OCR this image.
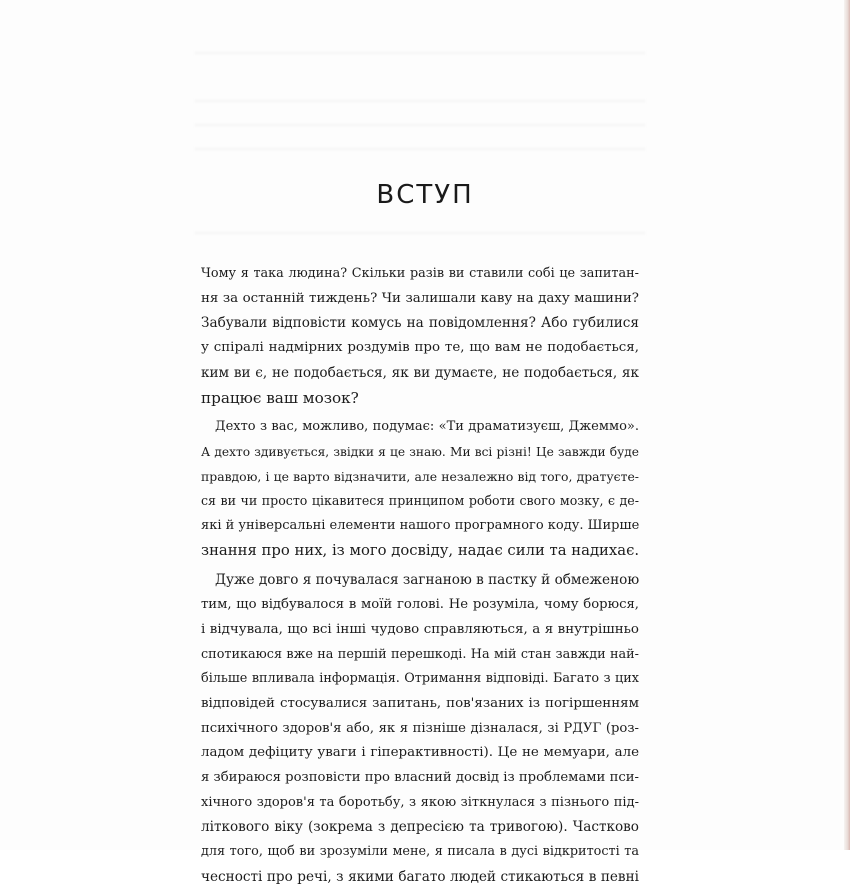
ВСТУП
Чому я така людина? Скільки разів ви ставили собі це запитан-
ня за останній тиждень? Чи залишали каву на даху машини?
Забували відповісти комусь на повідомлення? Або губилися
у спіралі надмірних роздумів про те, що вам не подобається,
ким ви є, не подобається, як ви думаєте, не подобається, як
працює ваш мозок?
Дехто з вас, можливо, подумає: «Ти драматизуєш, Джеммо».
А дехто здивується, звідки я це знаю. Ми всі різні! Це завжди буде
правдою, і це варто відзначити, але незалежно від того, дратуєте-
ся ви чи просто цікавитеся принципом роботи свого мозку, є де-
які й універсальні елементи нашого програмного коду. Ширше
знання про них, із мого досвіду, надає сили та надихає.
Дуже довго я почувалася загнаною в пастку й обмеженою
тим, що відбувалося в моїй голові. Не розуміла, чому борюся,
і відчувала, що всі інші чудово справляються, а я внутрішньо
спотикаюся вже на першій перешкоді. На мій стан завжди най-
більше впливала інформація. Отримання відповіді. Багато з цих
відповідей стосувалися запитань, пов'язаних із погіршенням
психічного здоров'я або, як я пізніше дізналася, зі РДУГ (роз-
ладом дефіциту уваги і гіперактивності). Це не мемуари, але
я збираюся розповісти про власний досвід із проблемами пси-
хічного здоров'я та боротьбу, з якою зіткнулася з пізнього під-
літкового віку (зокрема з депресією та тривогою). Частково
для того, щоб ви зрозуміли мене, я писала в дусі відкритості та
чесності про речі, з якими багато людей стикаються в певні
